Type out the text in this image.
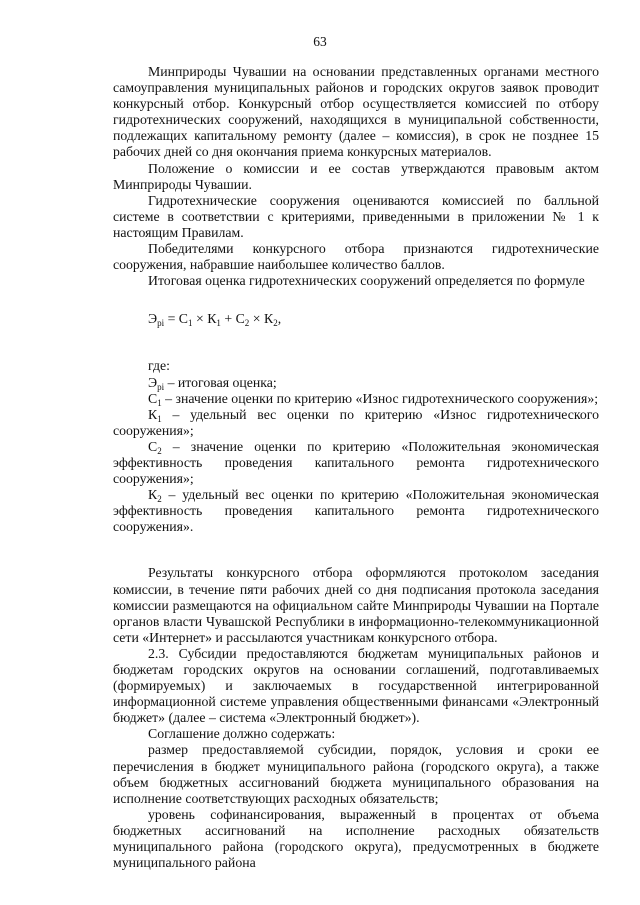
63

Минприроды Чувашии на основании представленных органами местного самоуправления муниципальных районов и городских округов заявок проводит конкурсный отбор. Конкурсный отбор осуществляется комиссией по отбору гидротехнических сооружений, находящихся в муниципальной собственности, подлежащих капитальному ремонту (далее – комиссия), в срок не позднее 15 рабочих дней со дня окончания приема конкурсных материалов.

Положение о комиссии и ее состав утверждаются правовым актом Минприроды Чувашии.

Гидротехнические сооружения оцениваются комиссией по балльной системе в соответствии с критериями, приведенными в приложении № 1 к настоящим Правилам.

Победителями конкурсного отбора признаются гидротехнические сооружения, набравшие наибольшее количество баллов.

Итоговая оценка гидротехнических сооружений определяется по формуле

$Э_{рi} = С_1 \times К_1 + С_2 \times К_2$,

где:

$Э_{рi}$ – итоговая оценка;

$С_1$ – значение оценки по критерию «Износ гидротехнического сооружения»;

$К_1$ – удельный вес оценки по критерию «Износ гидротехнического сооружения»;

$С_2$ – значение оценки по критерию «Положительная экономическая эффективность проведения капитального ремонта гидротехнического сооружения»;

$К_2$ – удельный вес оценки по критерию «Положительная экономическая эффективность проведения капитального ремонта гидротехнического сооружения».

Результаты конкурсного отбора оформляются протоколом заседания комиссии, в течение пяти рабочих дней со дня подписания протокола заседания комиссии размещаются на официальном сайте Минприроды Чувашии на Портале органов власти Чувашской Республики в информационно-телекоммуникационной сети «Интернет» и рассылаются участникам конкурсного отбора.

2.3. Субсидии предоставляются бюджетам муниципальных районов и бюджетам городских округов на основании соглашений, подготавливаемых (формируемых) и заключаемых в государственной интегрированной информационной системе управления общественными финансами «Электронный бюджет» (далее – система «Электронный бюджет»).

Соглашение должно содержать:

размер предоставляемой субсидии, порядок, условия и сроки ее перечисления в бюджет муниципального района (городского округа), а также объем бюджетных ассигнований бюджета муниципального образования на исполнение соответствующих расходных обязательств;

уровень софинансирования, выраженный в процентах от объема бюджетных ассигнований на исполнение расходных обязательств муниципального района (городского округа), предусмотренных в бюджете муниципального района
